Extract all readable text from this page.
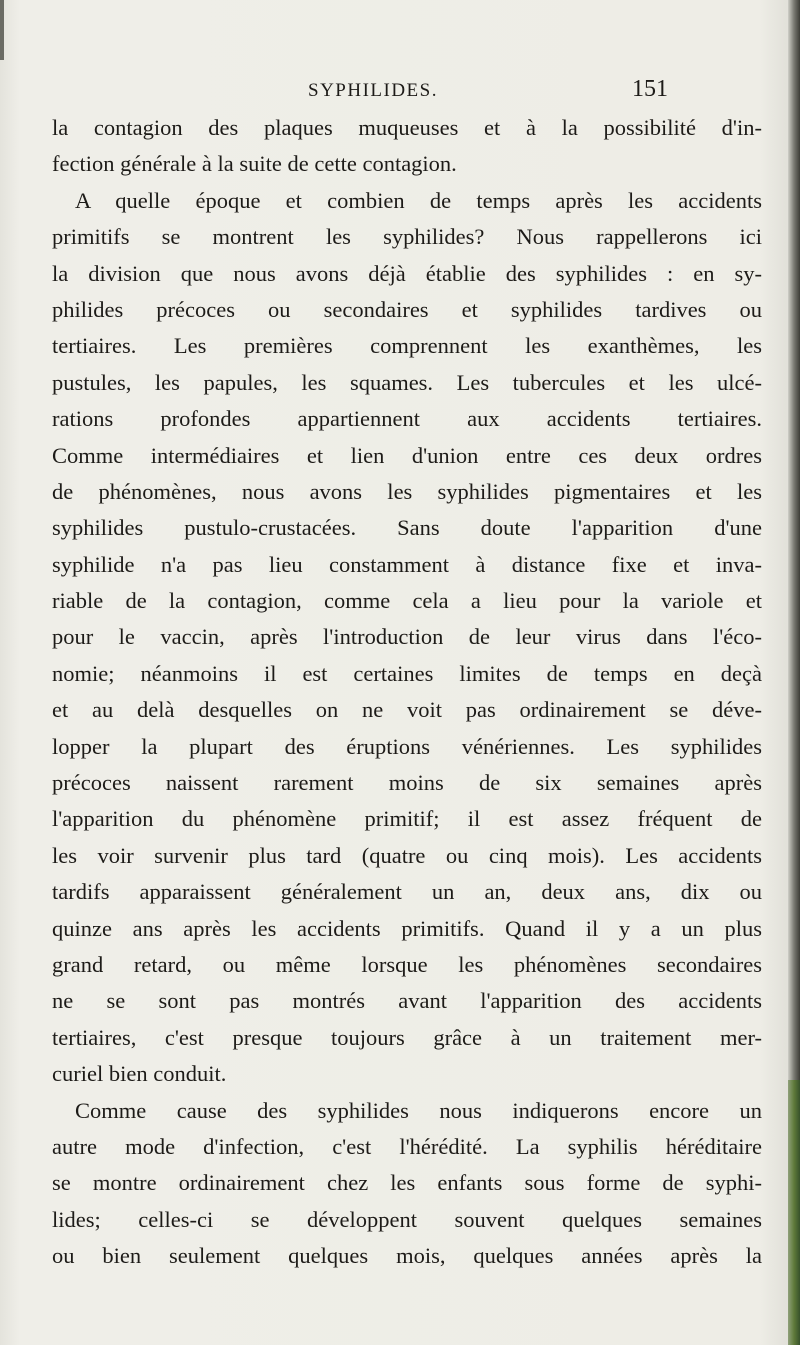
SYPHILIDES.	151
la contagion des plaques muqueuses et à la possibilité d'in-
fection générale à la suite de cette contagion.
A quelle époque et combien de temps après les accidents
primitifs se montrent les syphilides? Nous rappellerons ici
la division que nous avons déjà établie des syphilides : en sy-
philides précoces ou secondaires et syphilides tardives ou
tertiaires. Les premières comprennent les exanthèmes, les
pustules, les papules, les squames. Les tubercules et les ulcé-
rations profondes appartiennent aux accidents tertiaires.
Comme intermédiaires et lien d'union entre ces deux ordres
de phénomènes, nous avons les syphilides pigmentaires et les
syphilides pustulo-crustacées. Sans doute l'apparition d'une
syphilide n'a pas lieu constamment à distance fixe et inva-
riable de la contagion, comme cela a lieu pour la variole et
pour le vaccin, après l'introduction de leur virus dans l'éco-
nomie; néanmoins il est certaines limites de temps en deçà
et au delà desquelles on ne voit pas ordinairement se déve-
lopper la plupart des éruptions vénériennes. Les syphilides
précoces naissent rarement moins de six semaines après
l'apparition du phénomène primitif; il est assez fréquent de
les voir survenir plus tard (quatre ou cinq mois). Les accidents
tardifs apparaissent généralement un an, deux ans, dix ou
quinze ans après les accidents primitifs. Quand il y a un plus
grand retard, ou même lorsque les phénomènes secondaires
ne se sont pas montrés avant l'apparition des accidents
tertiaires, c'est presque toujours grâce à un traitement mer-
curiel bien conduit.
Comme cause des syphilides nous indiquerons encore un
autre mode d'infection, c'est l'hérédité. La syphilis héréditaire
se montre ordinairement chez les enfants sous forme de syphi-
lides; celles-ci se développent souvent quelques semaines
ou bien seulement quelques mois, quelques années après la
